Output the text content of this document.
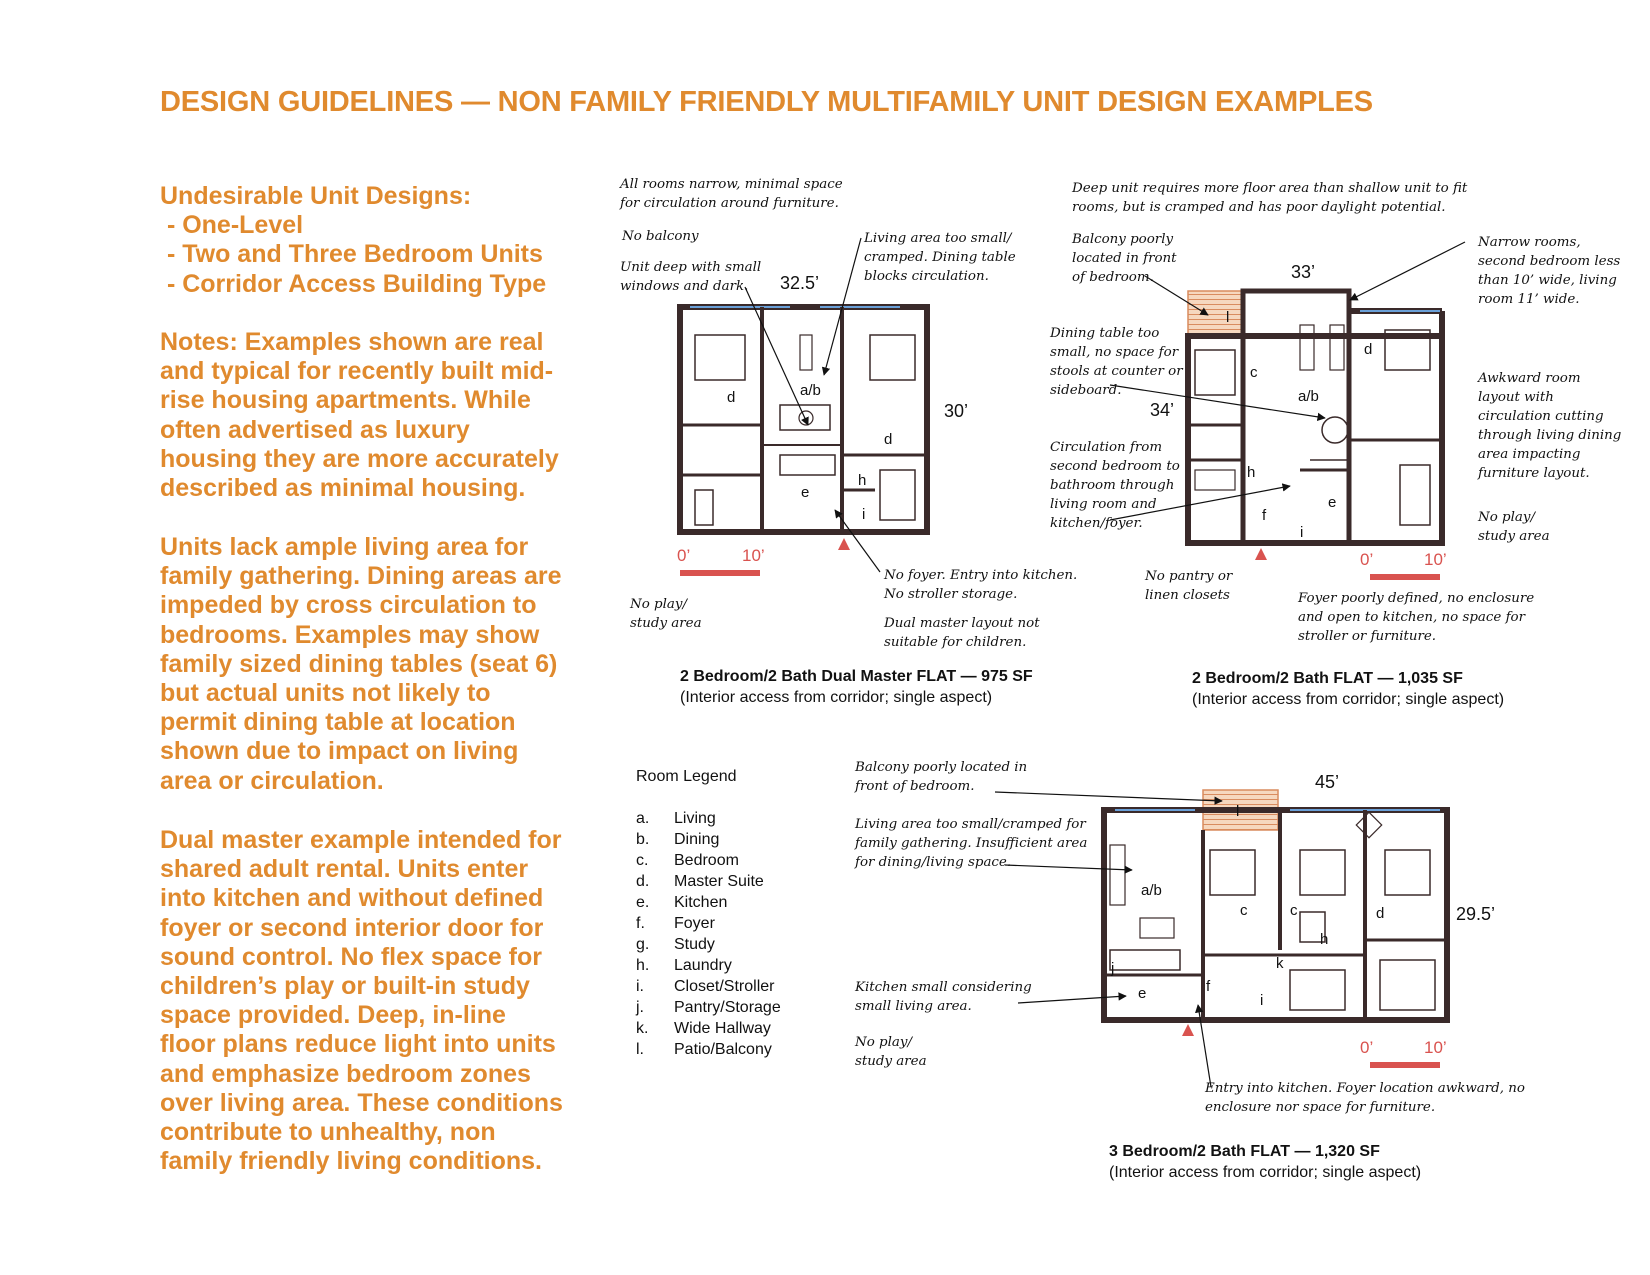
DESIGN GUIDELINES — NON FAMILY FRIENDLY MULTIFAMILY UNIT DESIGN EXAMPLES
Undesirable Unit Designs:
- One-Level
- Two and Three Bedroom Units
- Corridor Access Building Type
Notes: Examples shown are real
and typical for recently built mid-
rise housing apartments. While
often advertised as luxury
housing they are more accurately
described as minimal housing.
Units lack ample living area for
family gathering. Dining areas are
impeded by cross circulation to
bedrooms. Examples may show
family sized dining tables (seat 6)
but actual units not likely to
permit dining table at location
shown due to impact on living
area or circulation.
Dual master example intended for
shared adult rental. Units enter
into kitchen and without defined
foyer or second interior door for
sound control. No flex space for
children’s play or built-in study
space provided. Deep, in-line
floor plans reduce light into units
and emphasize bedroom zones
over living area. These conditions
contribute to unhealthy, non
family friendly living conditions.
All rooms narrow, minimal space
for circulation around furniture.
No balcony
Unit deep with small
windows and dark.
Living area too small/
cramped. Dining table
blocks circulation.
No foyer. Entry into kitchen.
No stroller storage.
Dual master layout not
suitable for children.
No play/
study area
32.5’
30’
d	a/b
d
e
h
i
0’	10’
2 Bedroom/2 Bath Dual Master FLAT — 975 SF
(Interior access from corridor; single aspect)
Deep unit requires more floor area than shallow unit to fit
rooms, but is cramped and has poor daylight potential.
Balcony poorly
located in front
of bedroom.
Narrow rooms,
second bedroom less
than 10’ wide, living
room 11’ wide.
Dining table too
small, no space for
stools at counter or
sideboard.
Awkward room
layout with
circulation cutting
through living dining
area impacting
furniture layout.
Circulation from
second bedroom to
bathroom through
living room and
kitchen/foyer.	No play/
study area
No pantry or
linen closets	Foyer poorly defined, no enclosure
and open to kitchen, no space for
stroller or furniture.
33’
34’
l
c
a/b
d
h
e
f
i
0’	10’
2 Bedroom/2 Bath FLAT — 1,035 SF
(Interior access from corridor; single aspect)
Room Legend
a. Living
b. Dining
c. Bedroom
d. Master Suite
e. Kitchen
f. Foyer
g. Study
h. Laundry
i. Closet/Stroller
j. Pantry/Storage
k. Wide Hallway
l. Patio/Balcony
Balcony poorly located in
front of bedroom.
Living area too small/cramped for
family gathering. Insufficient area
for dining/living space.
Kitchen small considering
small living area.
No play/
study area
Entry into kitchen. Foyer location awkward, no
enclosure nor space for furniture.
45’
29.5’
l
a/b
c	c	d
h
k
j
e	f
i
0’	10’
3 Bedroom/2 Bath FLAT — 1,320 SF
(Interior access from corridor; single aspect)
